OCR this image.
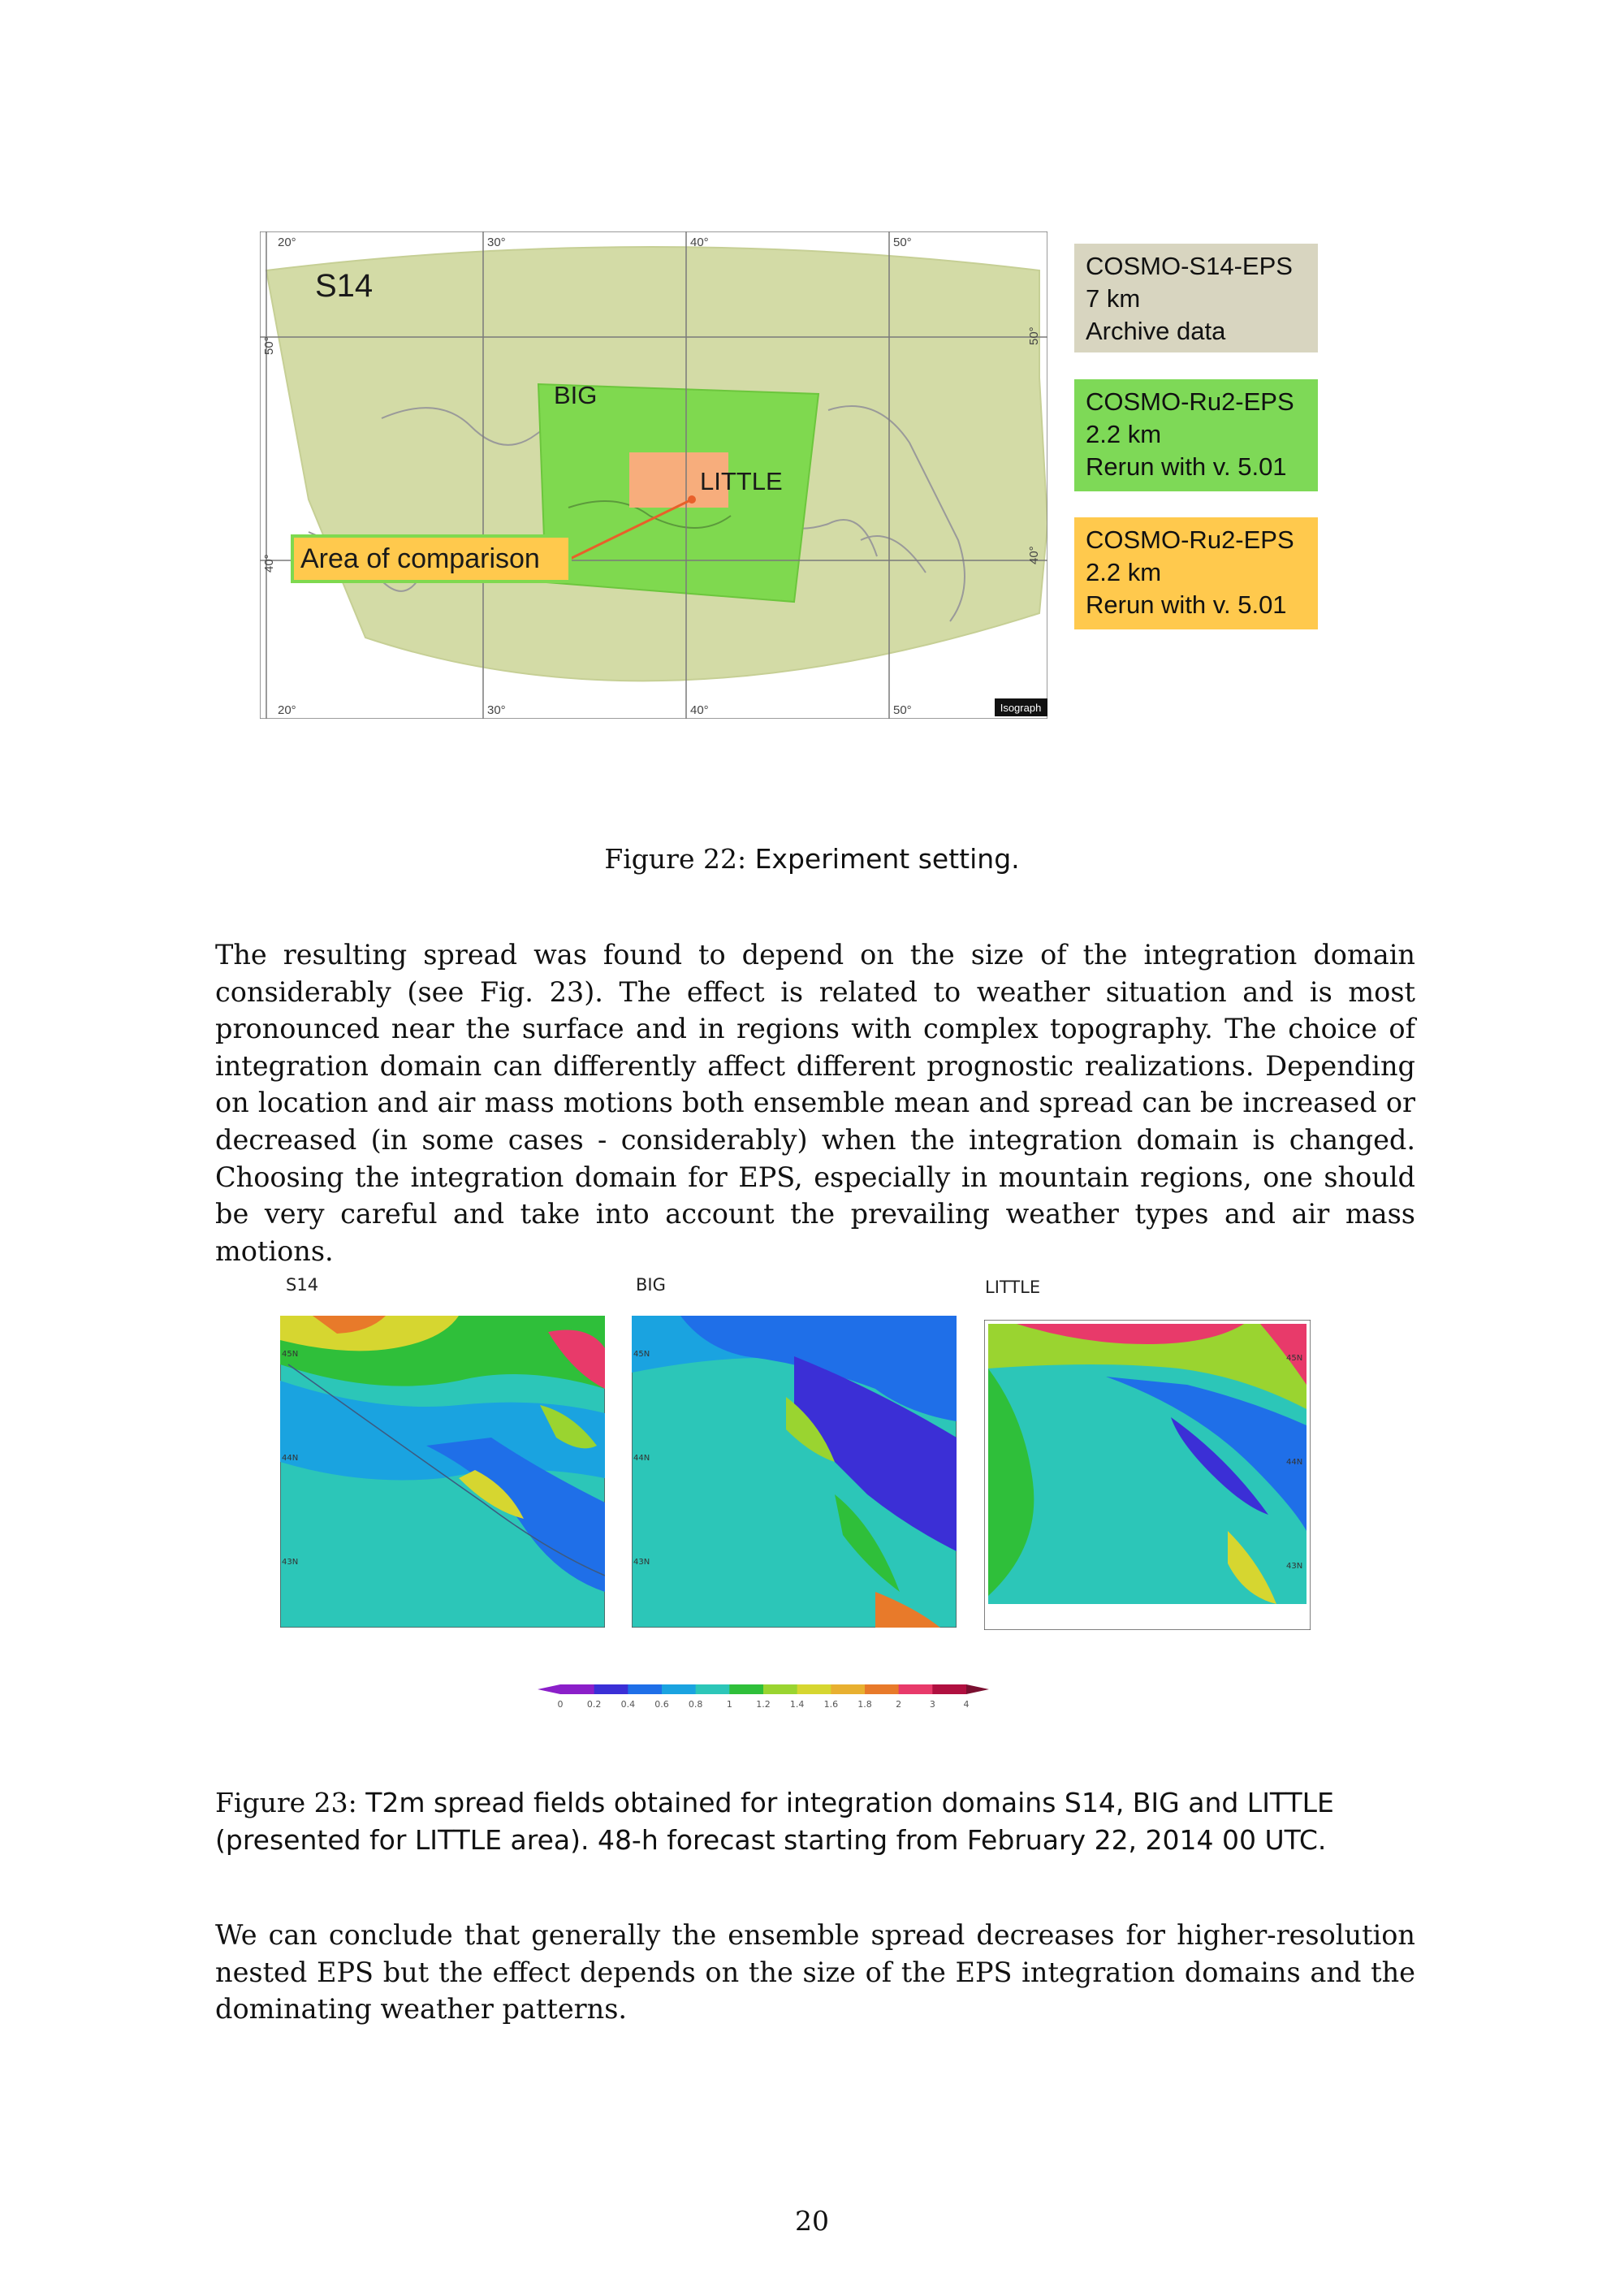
Isograph
20°	30°	40°	50°
20°	30°	40°	50°
50°
40°
50°
40°
S14
BIG
LITTLE
Area of comparison
COSMO-S14-EPS
7 km
Archive data
COSMO-Ru2-EPS
2.2 km
Rerun with v. 5.01
COSMO-Ru2-EPS
2.2 km
Rerun with v. 5.01
Figure 22: Experiment setting.
The resulting spread was found to depend on the size of the integration domain considerably (see Fig. 23). The effect is related to weather situation and is most pronounced near the surface and in regions with complex topography. The choice of integration domain can differently affect different prognostic realizations. Depending on location and air mass motions both ensemble mean and spread can be increased or decreased (in some cases - considerably) when the integration domain is changed. Choosing the integration domain for EPS, especially in mountain regions, one should be very careful and take into account the prevailing weather types and air mass motions.
S14	BIG	LITTLE
45N
44N
43N
45N
44N
43N
45N
44N
43N
0	0.2 0.4 0.6 0.8	1	1.2 1.4 1.6 1.8	2	3	4
Figure 23: T2m spread fields obtained for integration domains S14, BIG and LITTLE (presented for LITTLE area). 48-h forecast starting from February 22, 2014 00 UTC.
We can conclude that generally the ensemble spread decreases for higher-resolution nested EPS but the effect depends on the size of the EPS integration domains and the dominating weather patterns.
20
